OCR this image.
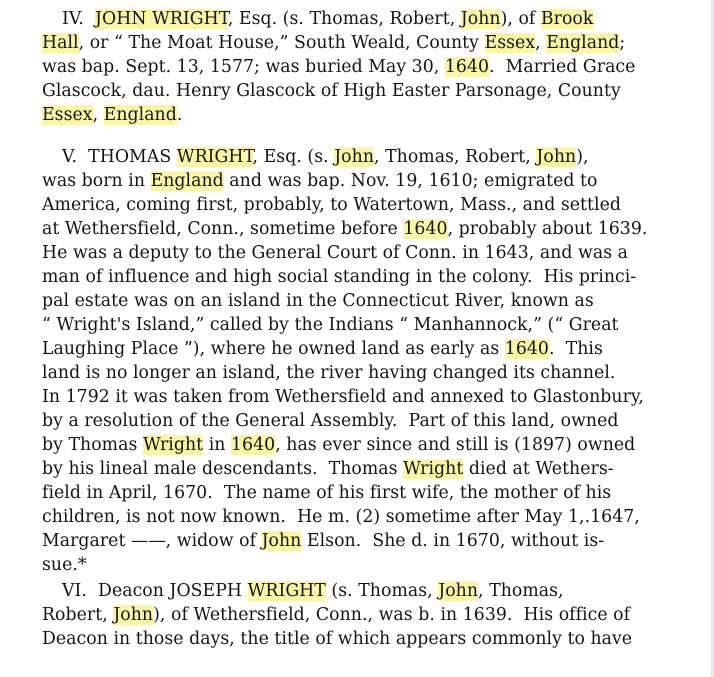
IV.  JOHN WRIGHT, Esq. (s. Thomas, Robert, John), of Brook
Hall, or “ The Moat House,” South Weald, County Essex, England;
was bap. Sept. 13, 1577; was buried May 30, 1640.  Married Grace
Glascock, dau. Henry Glascock of High Easter Parsonage, County
Essex, England.
V.  THOMAS WRIGHT, Esq. (s. John, Thomas, Robert, John),
was born in England and was bap. Nov. 19, 1610; emigrated to
America, coming first, probably, to Watertown, Mass., and settled
at Wethersfield, Conn., sometime before 1640, probably about 1639.
He was a deputy to the General Court of Conn. in 1643, and was a
man of influence and high social standing in the colony.  His princi-
pal estate was on an island in the Connecticut River, known as
“ Wright's Island,” called by the Indians “ Manhannock,” (“ Great
Laughing Place ”), where he owned land as early as 1640.  This
land is no longer an island, the river having changed its channel.
In 1792 it was taken from Wethersfield and annexed to Glastonbury,
by a resolution of the General Assembly.  Part of this land, owned
by Thomas Wright in 1640, has ever since and still is (1897) owned
by his lineal male descendants.  Thomas Wright died at Wethers-
field in April, 1670.  The name of his first wife, the mother of his
children, is not now known.  He m. (2) sometime after May 1,.1647,
Margaret ——, widow of John Elson.  She d. in 1670, without is-
sue.*
VI.  Deacon JOSEPH WRIGHT (s. Thomas, John, Thomas,
Robert, John), of Wethersfield, Conn., was b. in 1639.  His office of
Deacon in those days, the title of which appears commonly to have
